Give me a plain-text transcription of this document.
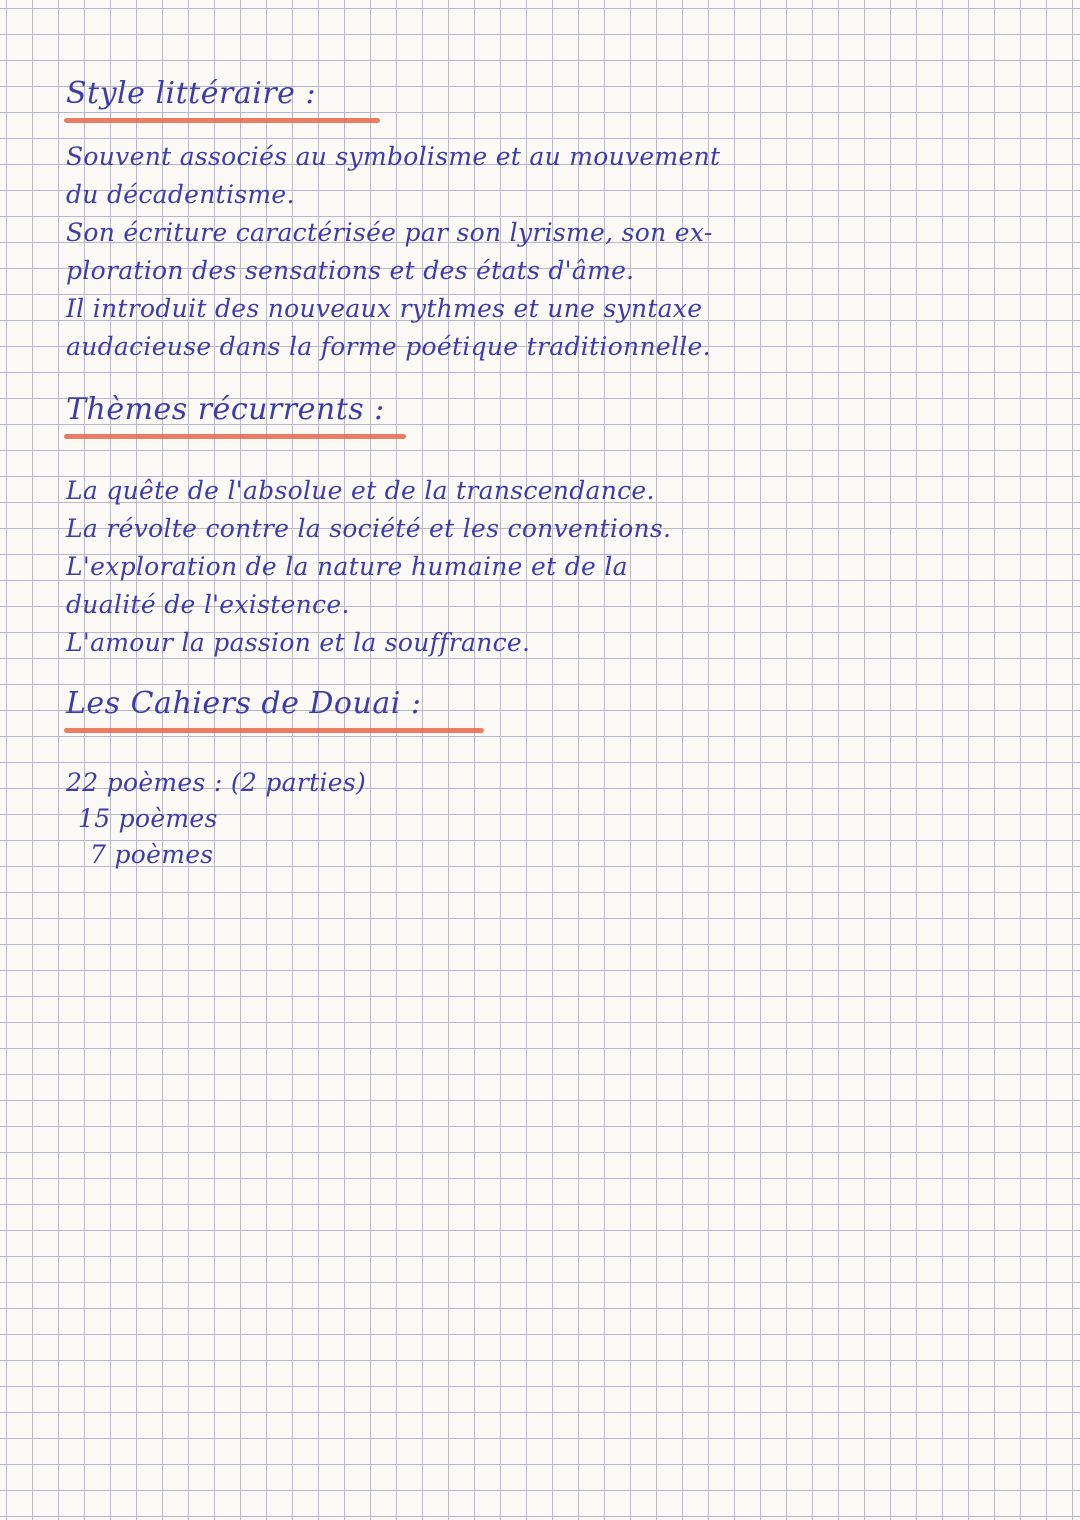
Style littéraire :

Souvent associés au symbolisme et au mouvement

du décadentisme.

Son écriture caractérisée par son lyrisme, son ex-

ploration des sensations et des états d'âme.

Il introduit des nouveaux rythmes et une syntaxe

audacieuse dans la forme poétique traditionnelle.

Thèmes récurrents :

La quête de l'absolue et de la transcendance.

La révolte contre la société et les conventions.

L'exploration de la nature humaine et de la

dualité de l'existence.

L'amour la passion et la souffrance.

Les Cahiers de Douai :

22 poèmes : (2 parties)

15 poèmes

7 poèmes
